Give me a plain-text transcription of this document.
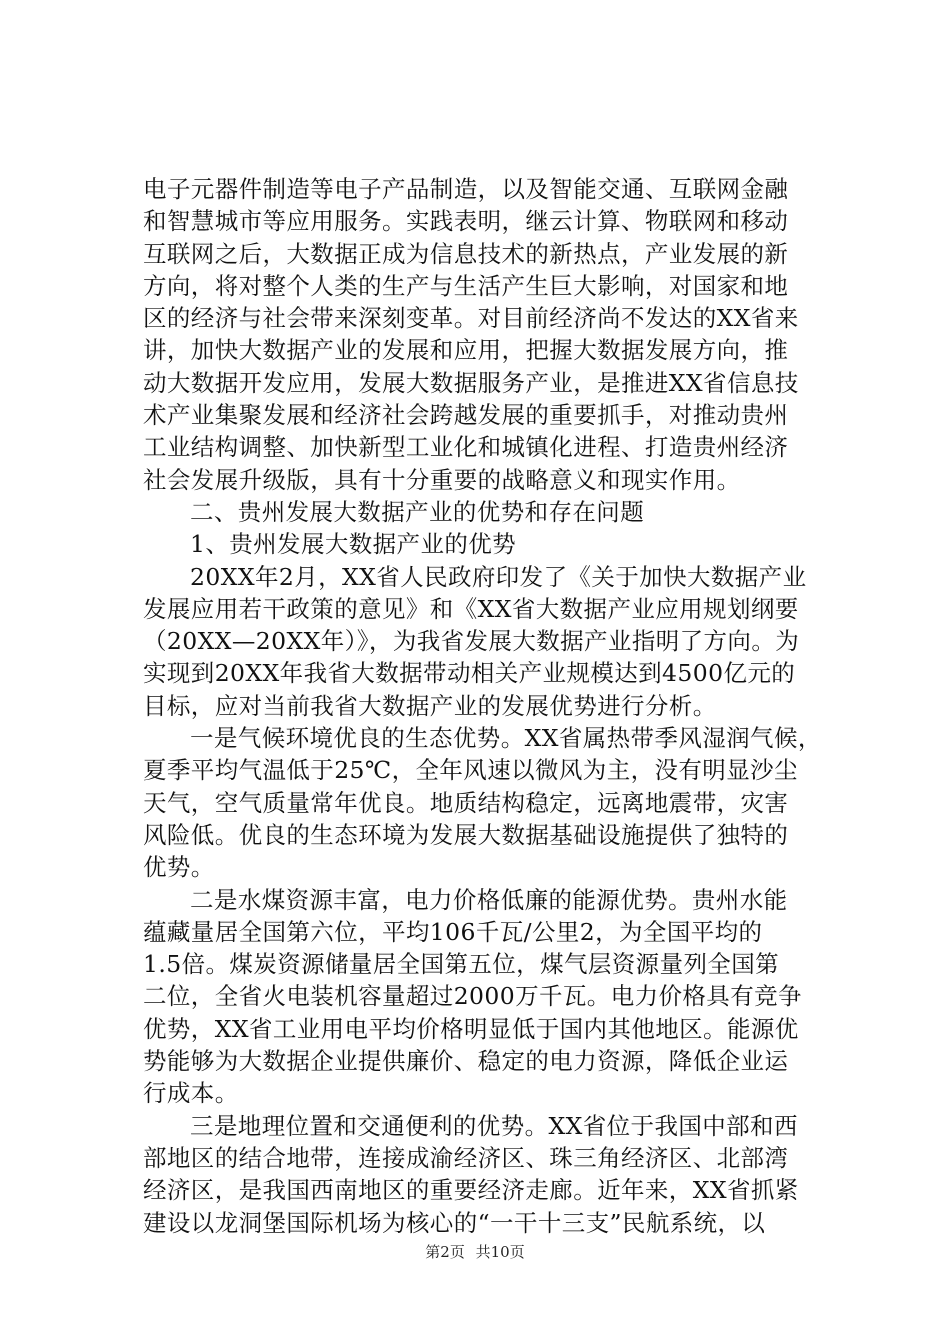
电子元器件制造等电子产品制造，以及智能交通、互联网金融
和智慧城市等应用服务。实践表明，继云计算、物联网和移动
互联网之后，大数据正成为信息技术的新热点，产业发展的新
方向，将对整个人类的生产与生活产生巨大影响，对国家和地
区的经济与社会带来深刻变革。对目前经济尚不发达的XX省来
讲，加快大数据产业的发展和应用，把握大数据发展方向，推
动大数据开发应用，发展大数据服务产业，是推进XX省信息技
术产业集聚发展和经济社会跨越发展的重要抓手，对推动贵州
工业结构调整、加快新型工业化和城镇化进程、打造贵州经济
社会发展升级版，具有十分重要的战略意义和现实作用。
二、贵州发展大数据产业的优势和存在问题
1、贵州发展大数据产业的优势
20XX年2月，XX省人民政府印发了《关于加快大数据产业
发展应用若干政策的意见》和《XX省大数据产业应用规划纲要
（20XX—20XX年）》，为我省发展大数据产业指明了方向。为
实现到20XX年我省大数据带动相关产业规模达到4500亿元的
目标，应对当前我省大数据产业的发展优势进行分析。
一是气候环境优良的生态优势。XX省属热带季风湿润气候，
夏季平均气温低于25℃，全年风速以微风为主，没有明显沙尘
天气，空气质量常年优良。地质结构稳定，远离地震带，灾害
风险低。优良的生态环境为发展大数据基础设施提供了独特的
优势。
二是水煤资源丰富，电力价格低廉的能源优势。贵州水能
蕴藏量居全国第六位，平均106千瓦/公里2，为全国平均的
1.5倍。煤炭资源储量居全国第五位，煤气层资源量列全国第
二位，全省火电装机容量超过2000万千瓦。电力价格具有竞争
优势，XX省工业用电平均价格明显低于国内其他地区。能源优
势能够为大数据企业提供廉价、稳定的电力资源，降低企业运
行成本。
三是地理位置和交通便利的优势。XX省位于我国中部和西
部地区的结合地带，连接成渝经济区、珠三角经济区、北部湾
经济区，是我国西南地区的重要经济走廊。近年来，XX省抓紧
建设以龙洞堡国际机场为核心的“一干十三支”民航系统，以
第2页 共10页
